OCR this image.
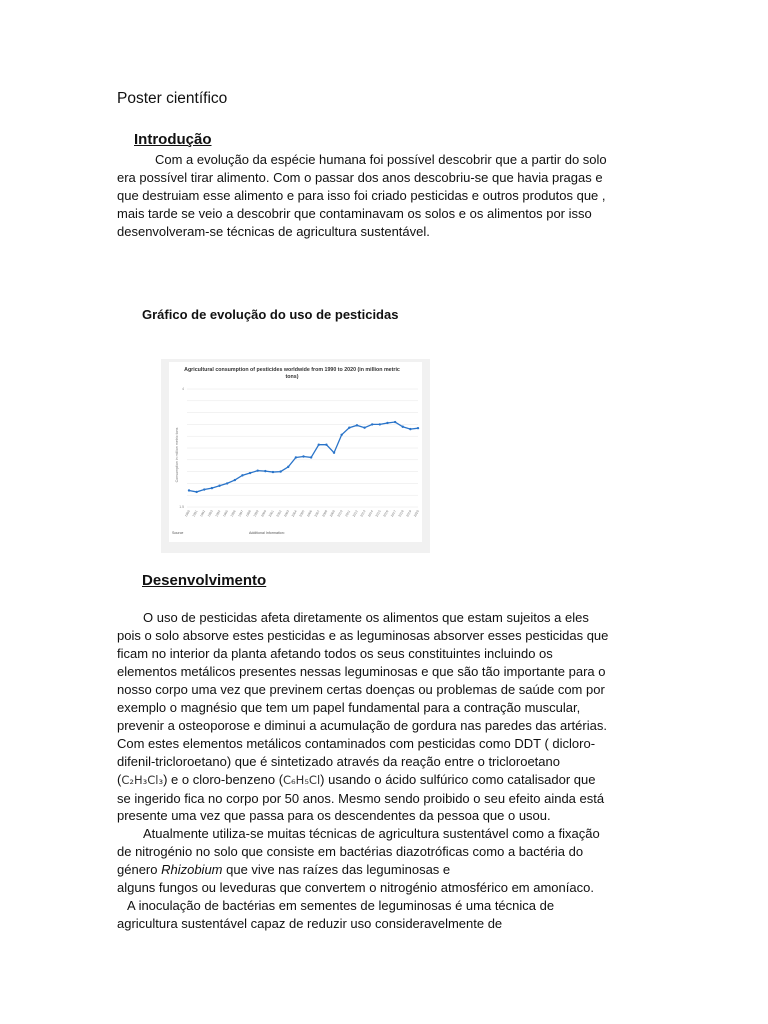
Poster científico
Introdução
Com a evolução da espécie humana foi possível descobrir que a partir do solo
era possível tirar alimento. Com o passar dos anos descobriu-se que havia pragas e
que destruiam esse alimento e para isso foi criado pesticidas e outros produtos que ,
mais tarde se veio a descobrir que contaminavam os solos e os alimentos por isso
desenvolveram-se técnicas de agricultura sustentável.
Gráfico de evolução do uso de pesticidas
Agricultural consumption of pesticides worldwide from 1990 to 2020 (in million metric
tons)
Consumption in million metric tons
1.5
4
1990 1991 1992 1993 1994 1995 1996 1997 1998 1999 2000 2001 2002 2003 2004 2005 2006 2007 2008 2009 2010 2011 2012 2013 2014 2015 2016 2017 2018 2019 2020
Source	Additional Information:
Desenvolvimento
O uso de pesticidas afeta diretamente os alimentos que estam sujeitos a eles
pois o solo absorve estes pesticidas e as leguminosas absorver esses pesticidas que
ficam no interior da planta afetando todos os seus constituintes incluindo os
elementos metálicos presentes nessas leguminosas e que são tão importante para o
nosso corpo uma vez que previnem certas doenças ou problemas de saúde com por
exemplo o magnésio que tem um papel fundamental para a contração muscular,
prevenir a osteoporose e diminui a acumulação de gordura nas paredes das artérias.
Com estes elementos metálicos contaminados com pesticidas como DDT ( dicloro-
difenil-tricloroetano) que é sintetizado através da reação entre o tricloroetano
(C₂H₃Cl₃) e o cloro-benzeno (C₆H₅Cl) usando o ácido sulfúrico como catalisador que
se ingerido fica no corpo por 50 anos. Mesmo sendo proibido o seu efeito ainda está
presente uma vez que passa para os descendentes da pessoa que o usou.
Atualmente utiliza-se muitas técnicas de agricultura sustentável como a fixação
de nitrogénio no solo que consiste em bactérias diazotróficas como a bactéria do
género Rhizobium que vive nas raízes das leguminosas e
alguns fungos ou leveduras que convertem o nitrogénio atmosférico em amoníaco.
A inoculação de bactérias em sementes de leguminosas é uma técnica de
agricultura sustentável capaz de reduzir uso consideravelmente de
